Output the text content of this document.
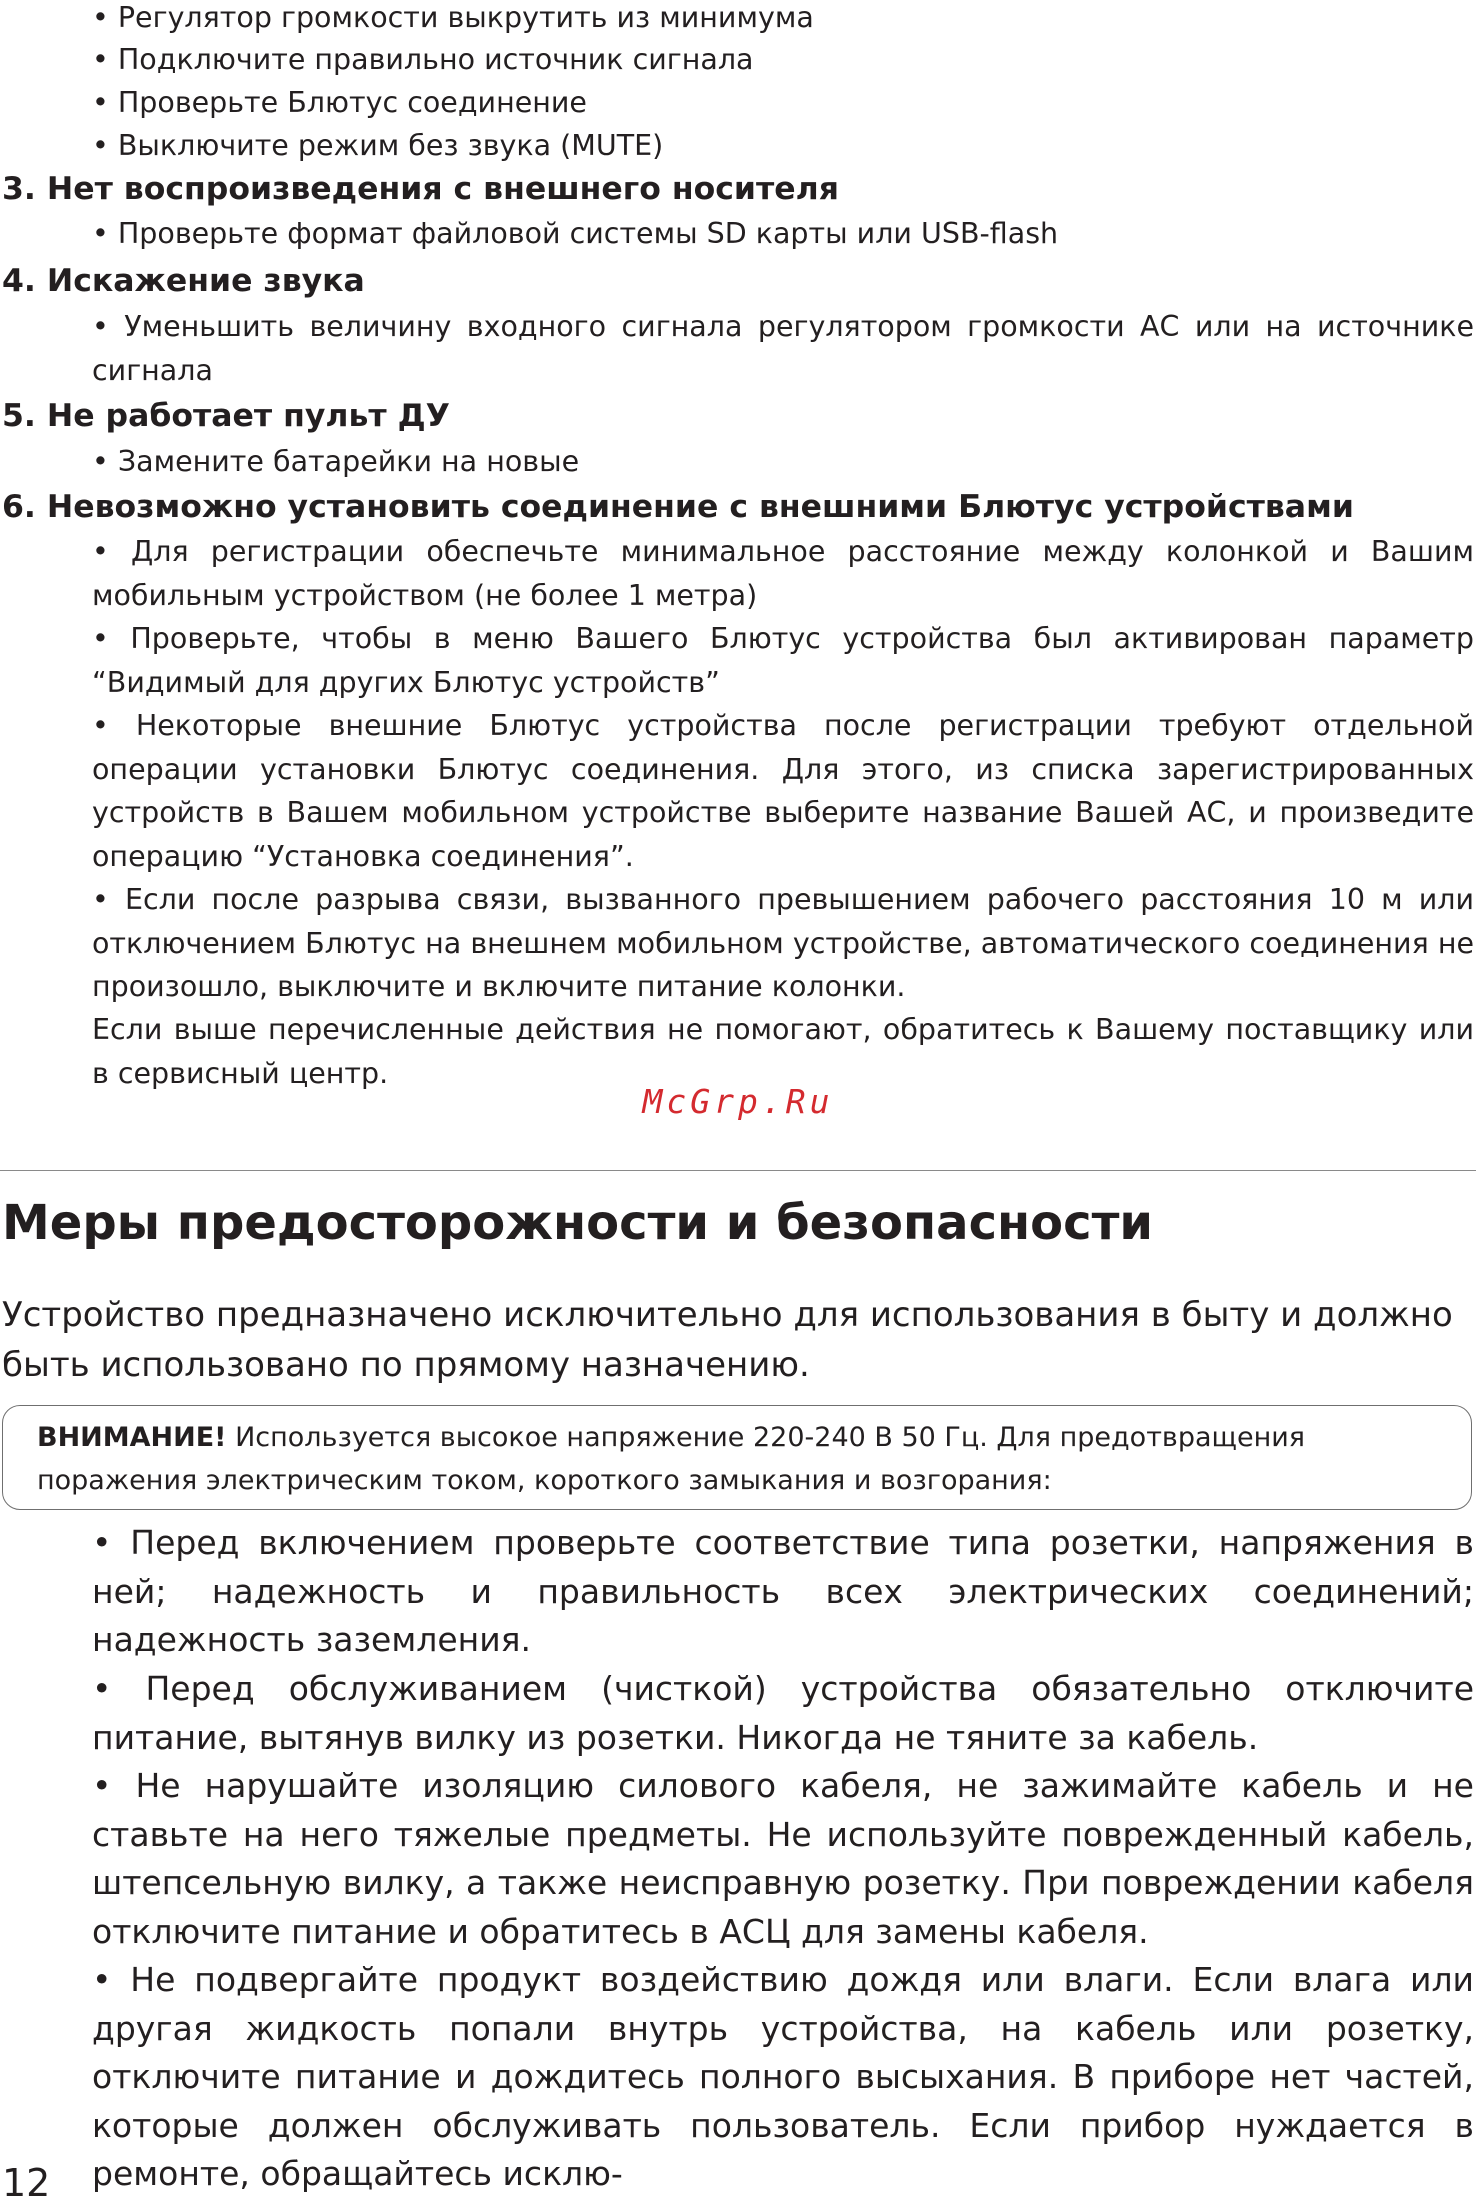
• Регулятор громкости выкрутить из минимума
• Подключите правильно источник сигнала
• Проверьте Блютус соединение
• Выключите режим без звука (MUTE)
3. Нет воспроизведения с внешнего носителя
• Проверьте формат файловой системы SD карты или USB-flash
4. Искажение звука
• Уменьшить величину входного сигнала регулятором громкости АС или на источнике сигнала
5. Не работает пульт ДУ
• Замените батарейки на новые
6. Невозможно установить соединение с внешними Блютус устройствами
• Для регистрации обеспечьте минимальное расстояние между колонкой и Вашим мобильным устройством (не более 1 метра)
• Проверьте, чтобы в меню Вашего Блютус устройства был активирован параметр “Видимый для других Блютус устройств”
• Некоторые внешние Блютус устройства после регистрации требуют отдельной операции установки Блютус соединения. Для этого, из списка зарегистрированных устройств в Вашем мобильном устройстве выберите название Вашей АС, и произведите операцию “Установка соединения”.
• Если после разрыва связи, вызванного превышением рабочего расстояния 10 м или отключением Блютус на внешнем мобильном устройстве, автоматического соединения не произошло, выключите и включите питание колонки.
Если выше перечисленные действия не помогают, обратитесь к Вашему поставщику или в сервисный центр.
McGrp.Ru
Меры предосторожности и безопасности
Устройство предназначено исключительно для использования в быту и должно быть использовано по прямому назначению.
ВНИМАНИЕ! Используется высокое напряжение 220-240 В 50 Гц. Для предотвращения поражения электрическим током, короткого замыкания и возгорания:
• Перед включением проверьте соответствие типа розетки, напряжения в ней; надежность и правильность всех электрических соединений; надежность заземления.
• Перед обслуживанием (чисткой) устройства обязательно отключите питание, вытянув вилку из розетки. Никогда не тяните за кабель.
• Не нарушайте изоляцию силового кабеля, не зажимайте кабель и не ставьте на него тяжелые предметы. Не используйте поврежденный кабель, штепсельную вилку, а также неисправную розетку. При повреждении кабеля отключите питание и обратитесь в АСЦ для замены кабеля.
• Не подвергайте продукт воздействию дождя или влаги. Если влага или другая жидкость попали внутрь устройства, на кабель или розетку, отключите питание и дождитесь полного высыхания. В приборе нет частей, которые должен обслуживать пользователь. Если прибор нуждается в ремонте, обращайтесь исклю-
12
